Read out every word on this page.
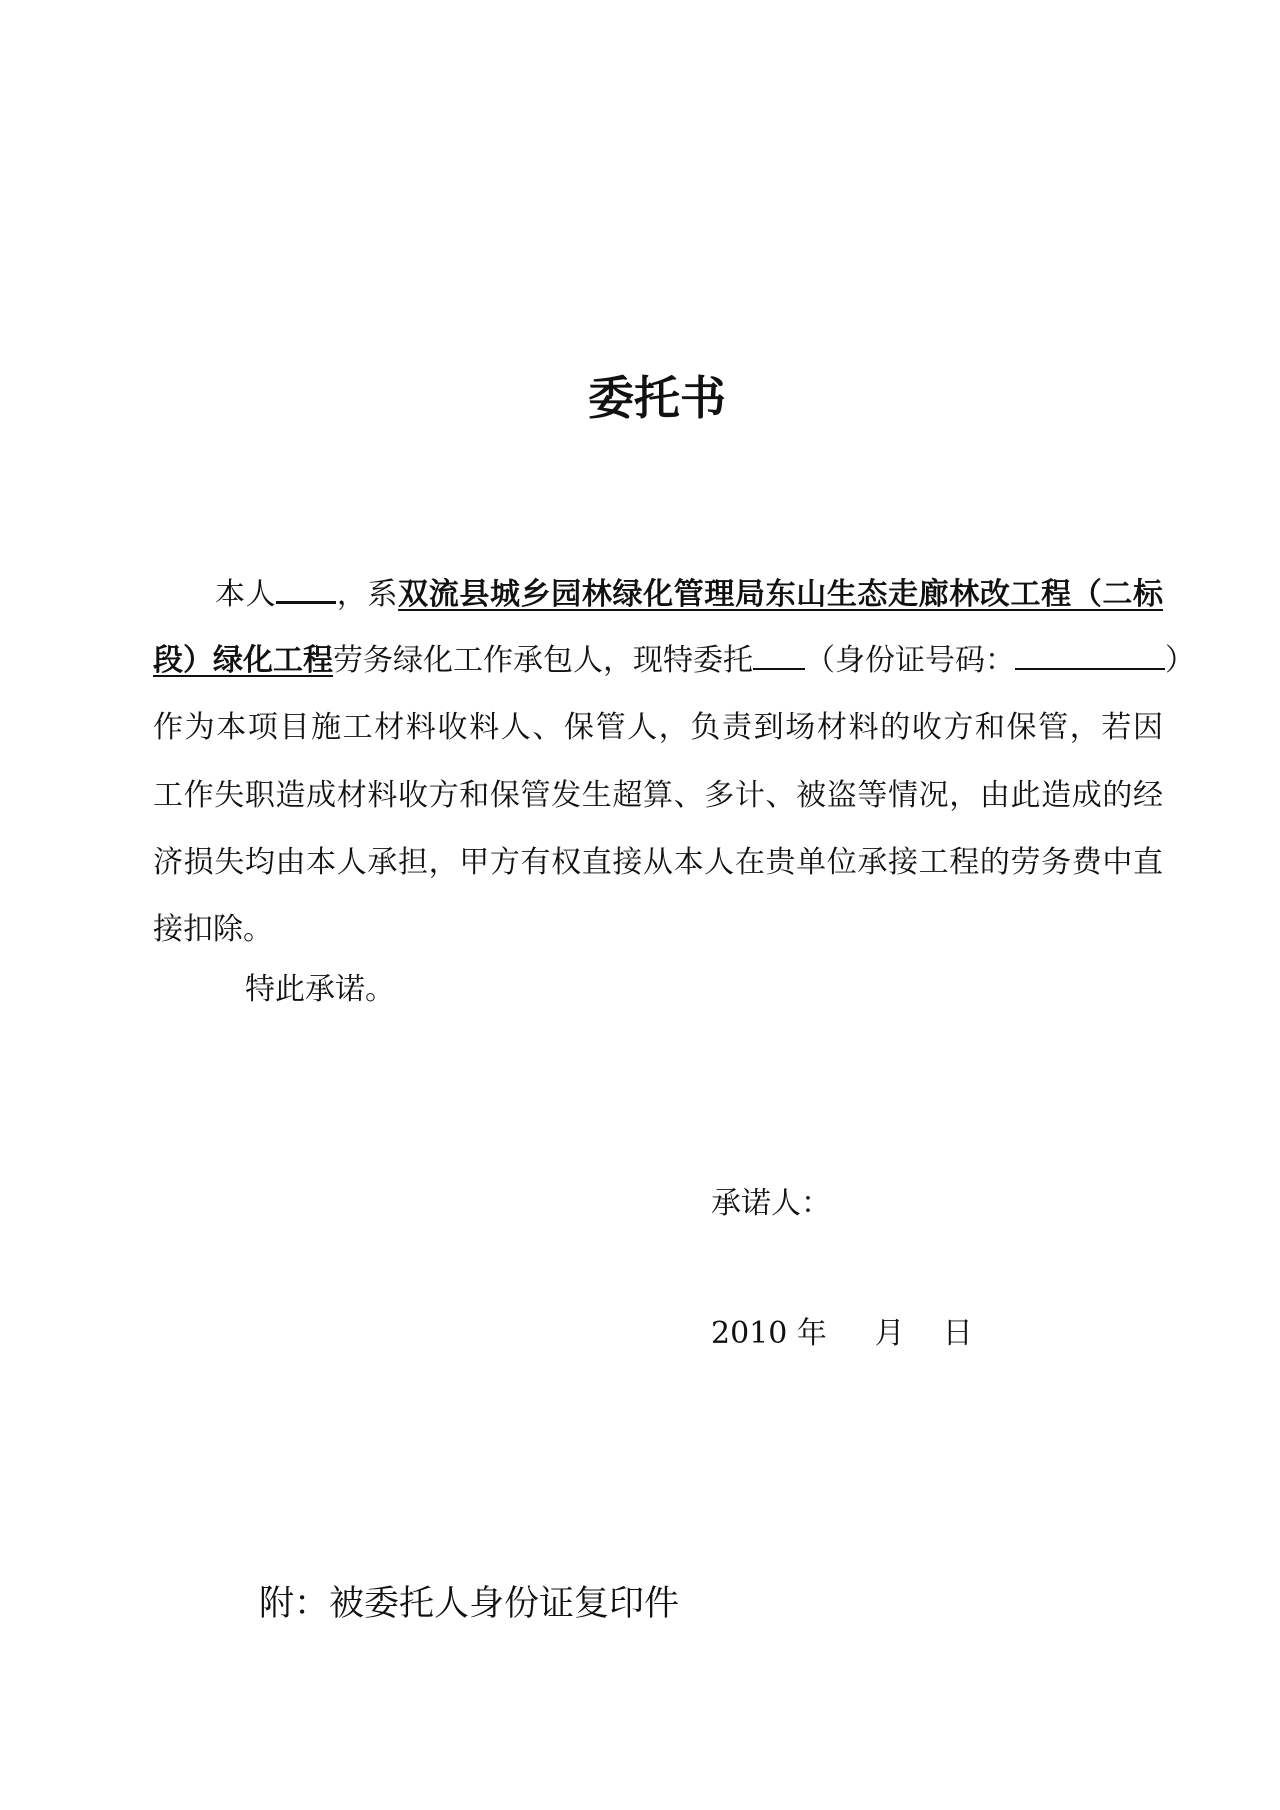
委托书
本人 ，系双流县城乡园林绿化管理局东山生态走廊林改工程（二标
段）绿化工程劳务绿化工作承包人，现特委托 （身份证号码：	）
作为本项目施工材料收料人、保管人，负责到场材料的收方和保管，若因
工作失职造成材料收方和保管发生超算、多计、被盗等情况，由此造成的经
济损失均由本人承担，甲方有权直接从本人在贵单位承接工程的劳务费中直
接扣除。
特此承诺。
承诺人：
2010 年 月 日
附：被委托人身份证复印件
